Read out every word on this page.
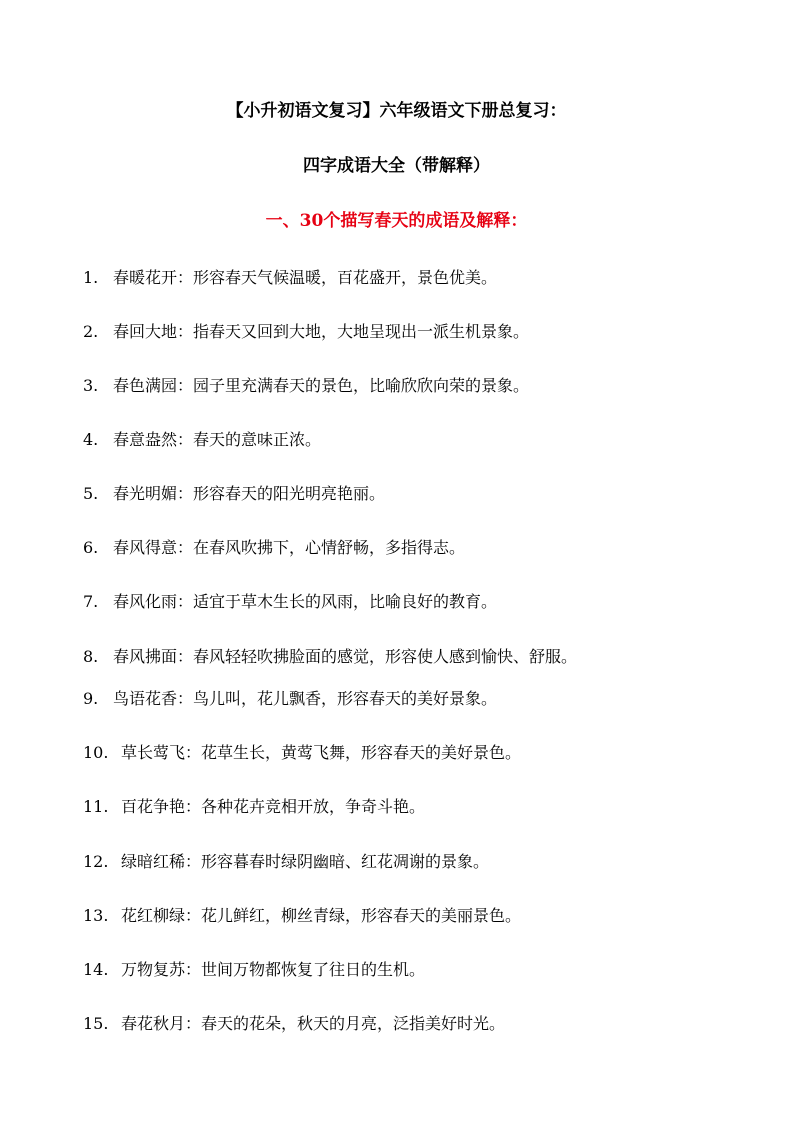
【小升初语文复习】六年级语文下册总复习：
四字成语大全（带解释）
一、30个描写春天的成语及解释：
1. 春暖花开：形容春天气候温暖，百花盛开，景色优美。
2. 春回大地：指春天又回到大地，大地呈现出一派生机景象。
3. 春色满园：园子里充满春天的景色，比喻欣欣向荣的景象。
4. 春意盎然：春天的意味正浓。
5. 春光明媚：形容春天的阳光明亮艳丽。
6. 春风得意：在春风吹拂下，心情舒畅，多指得志。
7. 春风化雨：适宜于草木生长的风雨，比喻良好的教育。
8. 春风拂面：春风轻轻吹拂脸面的感觉，形容使人感到愉快、舒服。
9. 鸟语花香：鸟儿叫，花儿飘香，形容春天的美好景象。
10. 草长莺飞：花草生长，黄莺飞舞，形容春天的美好景色。
11. 百花争艳：各种花卉竞相开放，争奇斗艳。
12. 绿暗红稀：形容暮春时绿阴幽暗、红花凋谢的景象。
13. 花红柳绿：花儿鲜红，柳丝青绿，形容春天的美丽景色。
14. 万物复苏：世间万物都恢复了往日的生机。
15. 春花秋月：春天的花朵，秋天的月亮，泛指美好时光。
